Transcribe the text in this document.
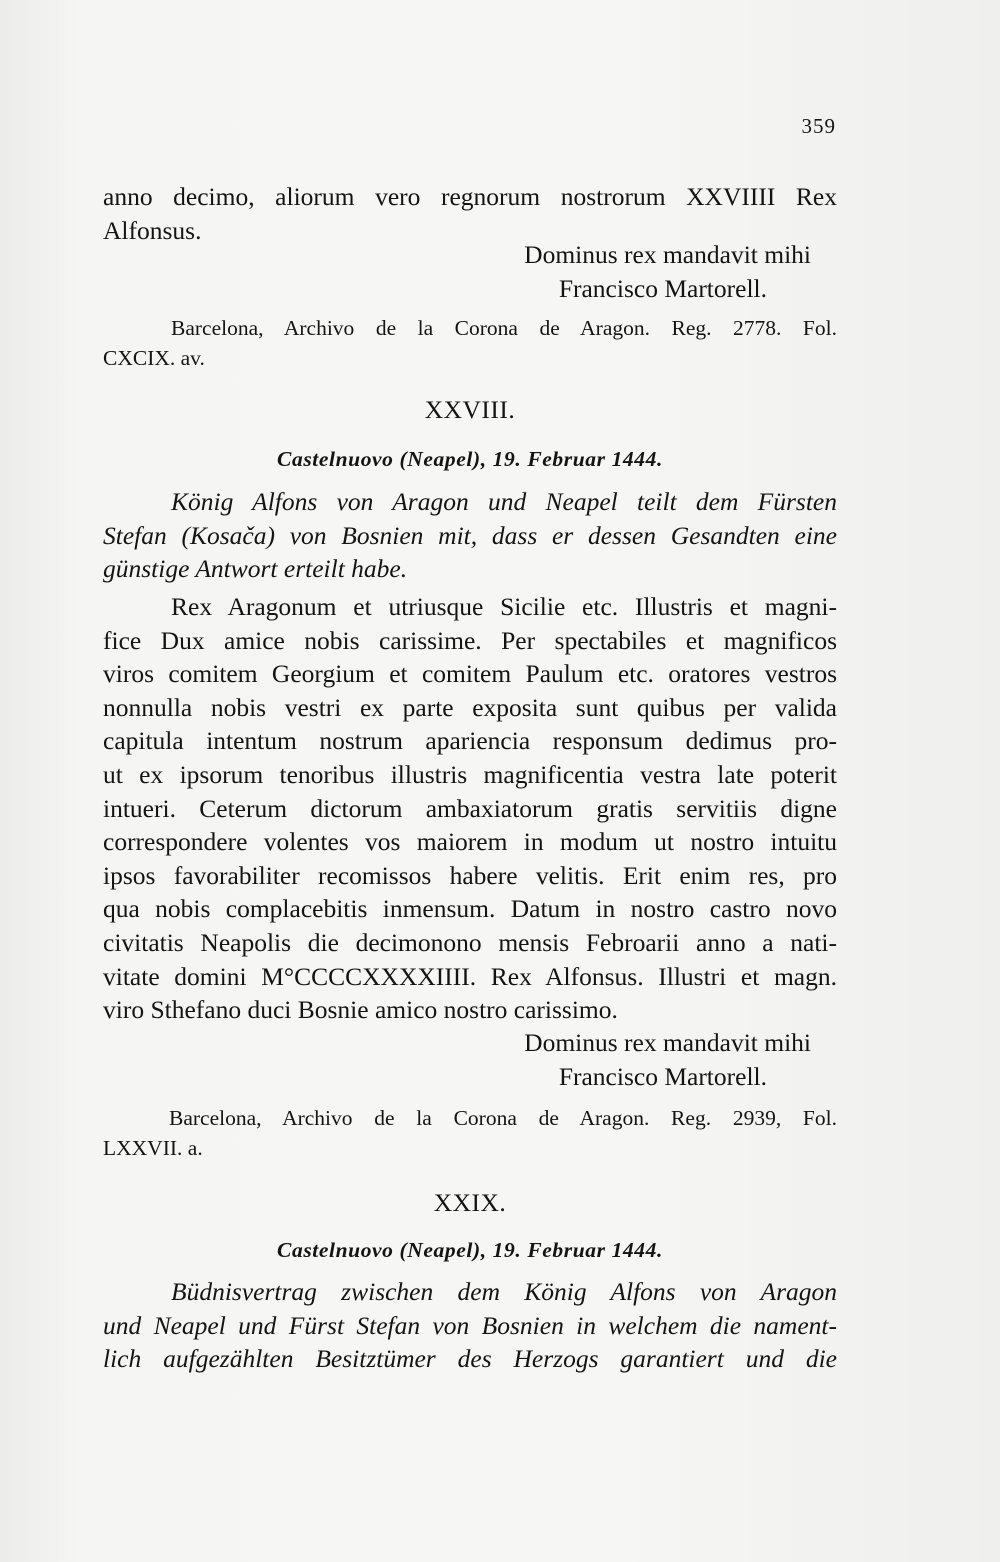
359
anno decimo, aliorum vero regnorum nostrorum XXVIIII Rex
Alfonsus.
Dominus rex mandavit mihi
Francisco Martorell.
Barcelona, Archivo de la Corona de Aragon. Reg. 2778. Fol.
CXCIX. av.
XXVIII.
Castelnuovo (Neapel), 19. Februar 1444.
König Alfons von Aragon und Neapel teilt dem Fürsten
Stefan (Kosača) von Bosnien mit, dass er dessen Gesandten eine
günstige Antwort erteilt habe.
Rex Aragonum et utriusque Sicilie etc. Illustris et magni-
fice Dux amice nobis carissime. Per spectabiles et magnificos
viros comitem Georgium et comitem Paulum etc. oratores vestros
nonnulla nobis vestri ex parte exposita sunt quibus per valida
capitula intentum nostrum apariencia responsum dedimus pro-
ut ex ipsorum tenoribus illustris magnificentia vestra late poterit
intueri. Ceterum dictorum ambaxiatorum gratis servitiis digne
correspondere volentes vos maiorem in modum ut nostro intuitu
ipsos favorabiliter recomissos habere velitis. Erit enim res, pro
qua nobis complacebitis inmensum. Datum in nostro castro novo
civitatis Neapolis die decimonono mensis Febroarii anno a nati-
vitate domini M°CCCCXXXXIIII. Rex Alfonsus. Illustri et magn.
viro Sthefano duci Bosnie amico nostro carissimo.
Dominus rex mandavit mihi
Francisco Martorell.
Barcelona, Archivo de la Corona de Aragon. Reg. 2939, Fol.
LXXVII. a.
XXIX.
Castelnuovo (Neapel), 19. Februar 1444.
Büdnisvertrag zwischen dem König Alfons von Aragon
und Neapel und Fürst Stefan von Bosnien in welchem die nament-
lich aufgezählten Besitztümer des Herzogs garantiert und die
